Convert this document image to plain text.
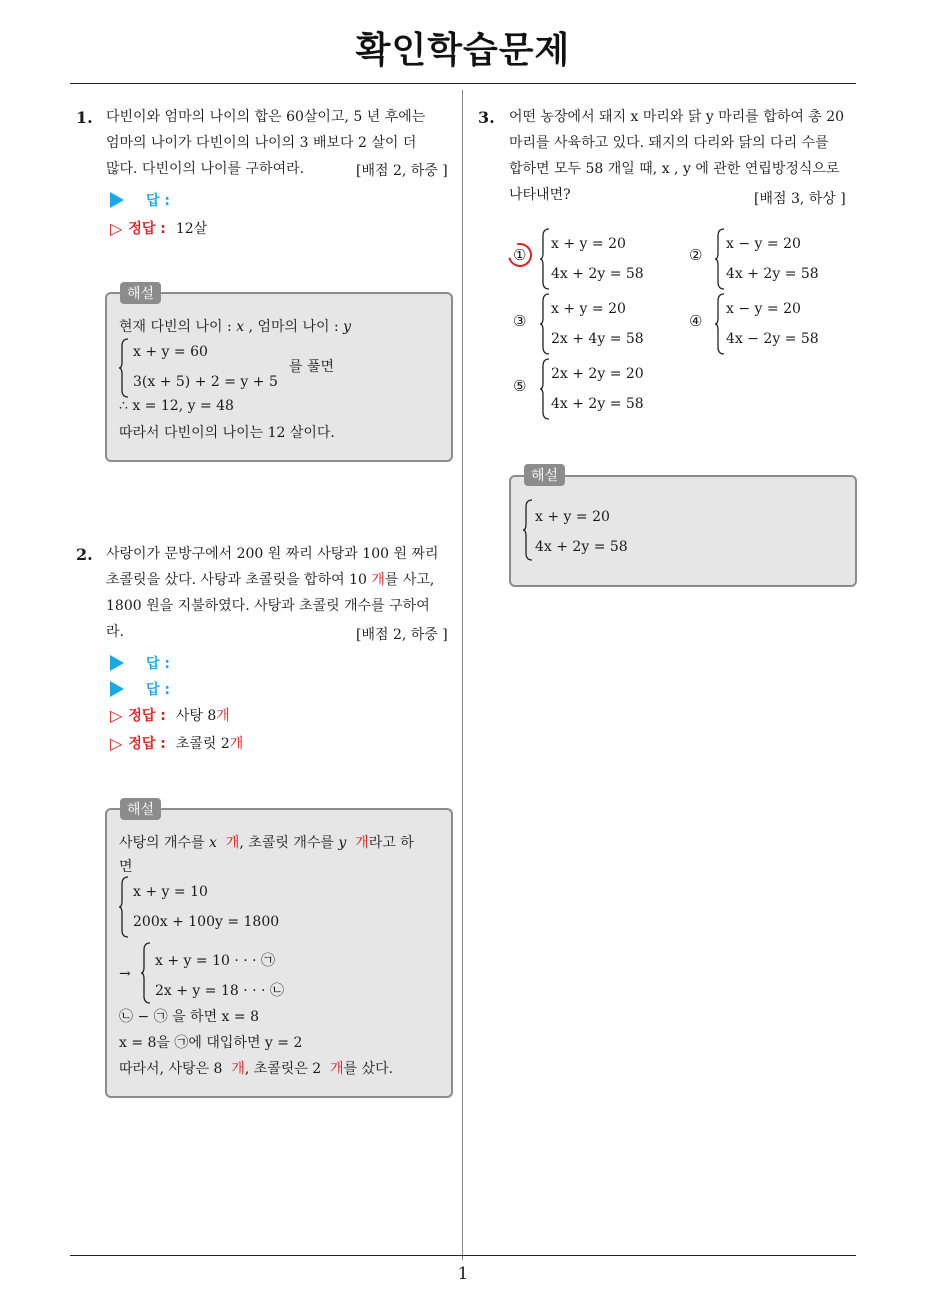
확인학습문제
1
1. 다빈이와 엄마의 나이의 합은 60살이고, 5 년 후에는
엄마의 나이가 다빈이의 나이의 3 배보다 2 살이 더
많다. 다빈이의 나이를 구하여라.	[배점 2, 하중 ]
답 :
▷ 정답 : 12살
현재 다빈의 나이 : x , 엄마의 나이 : y
x + y = 60
3(x + 5) + 2 = y + 5
를 풀면
∴ x = 12, y = 48
따라서 다빈이의 나이는 12 살이다.
해설
2. 사랑이가 문방구에서 200 원 짜리 사탕과 100 원 짜리
초콜릿을 샀다. 사탕과 초콜릿을 합하여 10 개를 사고,
1800 원을 지불하였다. 사탕과 초콜릿 개수를 구하여
라.	[배점 2, 하중 ]
답 :
답 :
▷ 정답 : 사탕 8 개
▷ 정답 : 초콜릿 2 개
사탕의 개수를 x 개, 초콜릿 개수를 y 개라고 하
면
x + y = 10
200x + 100y = 1800
→
x + y = 10 · · · ㉠
2x + y = 18 · · · ㉡
㉡ − ㉠ 을 하면 x = 8
x = 8을 ㉠에 대입하면 y = 2
따라서, 사탕은 8  개, 초콜릿은 2  개를 샀다.
해설
3. 어떤 농장에서 돼지 x 마리와 닭 y 마리를 합하여 총 20
마리를 사육하고 있다. 돼지의 다리와 닭의 다리 수를
합하면 모두 58 개일 때, x , y 에 관한 연립방정식으로
나타내면?	[배점 3, 하상 ]
①
x + y = 20
4x + 2y = 58
②
x − y = 20
4x + 2y = 58
③
x + y = 20
2x + 4y = 58
④
x − y = 20
4x − 2y = 58
⑤
2x + 2y = 20
4x + 2y = 58
x + y = 20
4x + 2y = 58
해설
